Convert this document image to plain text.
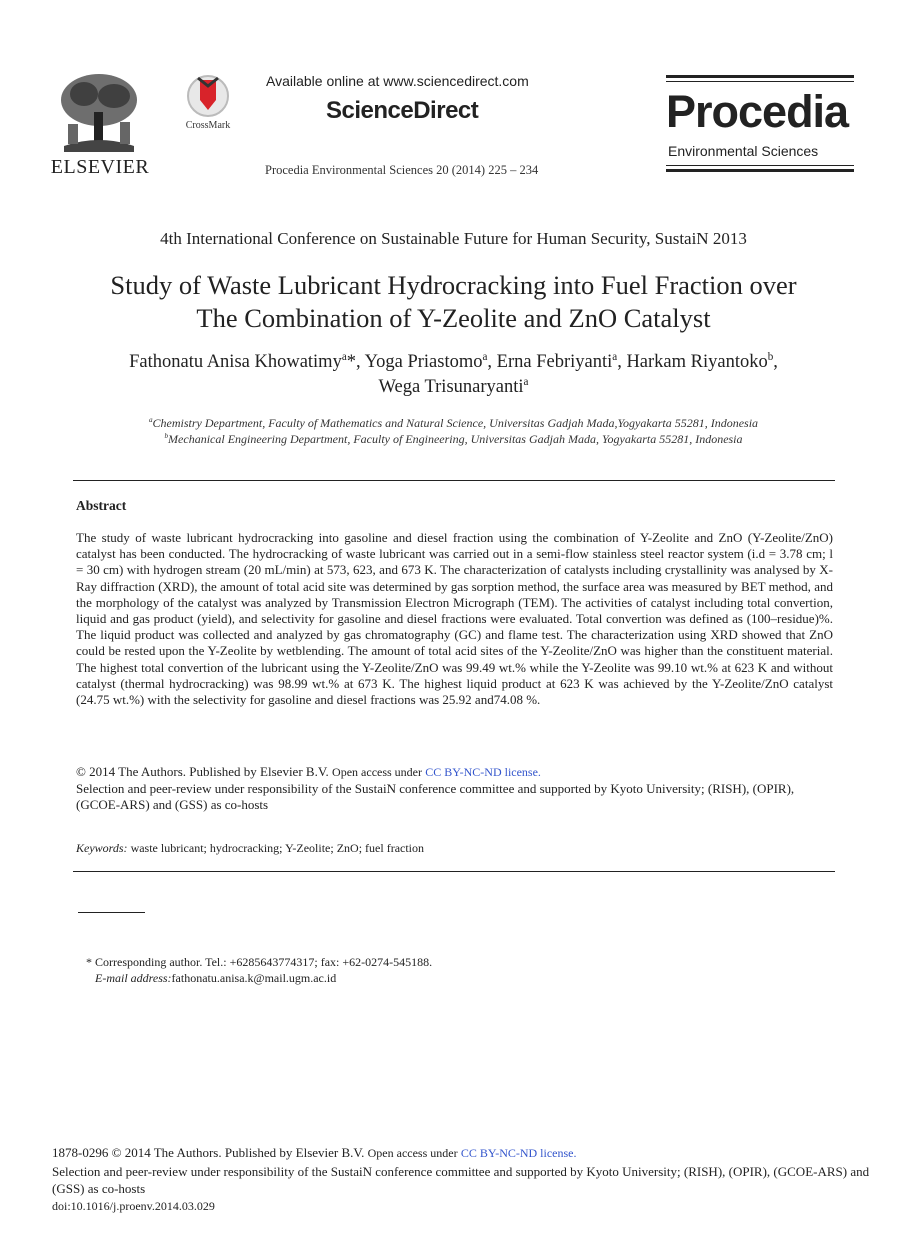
ELSEVIER
CrossMark
Available online at www.sciencedirect.com
ScienceDirect
Procedia Environmental Sciences 20 (2014) 225 – 234
Procedia
Environmental Sciences
4th International Conference on Sustainable Future for Human Security, SustaiN 2013
Study of Waste Lubricant Hydrocracking into Fuel Fraction over
The Combination of Y-Zeolite and ZnO Catalyst
Fathonatu Anisa Khowatimy$^a$*, Yoga Priastomo$^a$, Erna Febriyanti$^a$, Harkam Riyantoko$^b$,
Wega Trisunaryanti$^a$
$^a$Chemistry Department, Faculty of Mathematics and Natural Science, Universitas Gadjah Mada,Yogyakarta 55281, Indonesia
$^b$Mechanical Engineering Department, Faculty of Engineering, Universitas Gadjah Mada, Yogyakarta 55281, Indonesia
Abstract
The study of waste lubricant hydrocracking into gasoline and diesel fraction using the combination of Y-Zeolite and ZnO (Y-Zeolite/ZnO) catalyst has been conducted. The hydrocracking of waste lubricant was carried out in a semi-flow stainless steel reactor system (i.d = 3.78 cm; l = 30 cm) with hydrogen stream (20 mL/min) at 573, 623, and 673 K. The characterization of catalysts including crystallinity was analysed by X-Ray diffraction (XRD), the amount of total acid site was determined by gas sorption method, the surface area was measured by BET method, and the morphology of the catalyst was analyzed by Transmission Electron Micrograph (TEM). The activities of catalyst including total convertion, liquid and gas product (yield), and selectivity for gasoline and diesel fractions were evaluated. Total convertion was defined as (100–residue)%. The liquid product was collected and analyzed by gas chromatography (GC) and flame test. The characterization using XRD showed that ZnO could be rested upon the Y-Zeolite by wetblending. The amount of total acid sites of the Y-Zeolite/ZnO was higher than the constituent material. The highest total convertion of the lubricant using the Y-Zeolite/ZnO was 99.49 wt.% while the Y-Zeolite was 99.10 wt.% at 623 K and without catalyst (thermal hydrocracking) was 98.99 wt.% at 673 K. The highest liquid product at 623 K was achieved by the Y-Zeolite/ZnO catalyst (24.75 wt.%) with the selectivity for gasoline and diesel fractions was 25.92 and74.08 %.
© 2014 The Authors. Published by Elsevier B.V. Open access under CC BY-NC-ND license.
Selection and peer-review under responsibility of the SustaiN conference committee and supported by Kyoto University; (RISH), (OPIR), (GCOE-ARS) and (GSS) as co-hosts
Keywords: waste lubricant; hydrocracking; Y-Zeolite; ZnO; fuel fraction
* Corresponding author. Tel.: +6285643774317; fax: +62-0274-545188.
E-mail address:fathonatu.anisa.k@mail.ugm.ac.id
1878-0296 © 2014 The Authors. Published by Elsevier B.V. Open access under CC BY-NC-ND license.
Selection and peer-review under responsibility of the SustaiN conference committee and supported by Kyoto University; (RISH), (OPIR), (GCOE-ARS) and (GSS) as co-hosts
doi:10.1016/j.proenv.2014.03.029
